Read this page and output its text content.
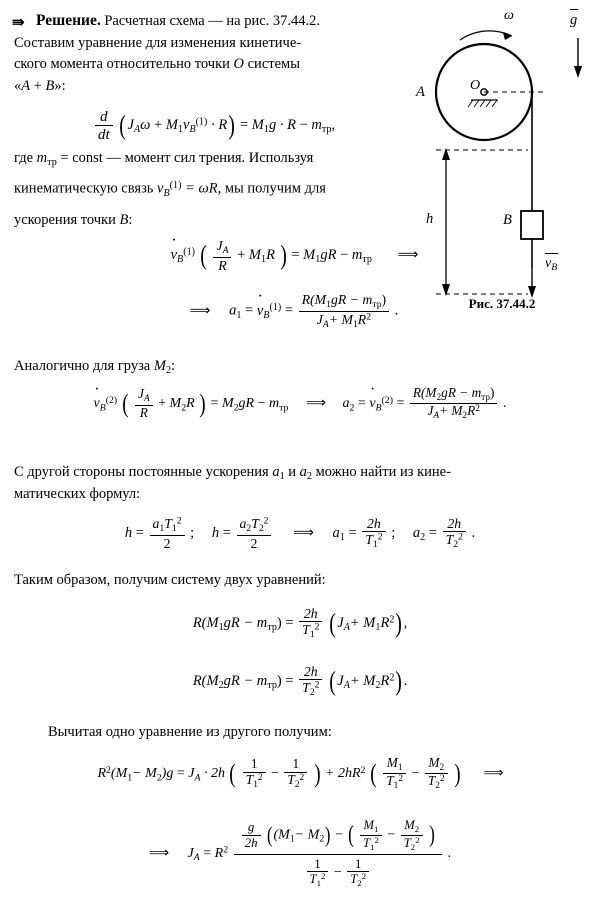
⇛ Решение. Расчетная схема — на рис. 37.44.2.
Составим уравнение для изменения кинетиче-
ского момента относительно точки O системы
«A + B»:
ω	g
A	O
B
h
$v_B$
Рис. 37.44.2
$\frac{d}{dt} (J_A\omega + M_1v_B^{(1)} \cdot R) = M_1g \cdot R - m_{тр}$,
где $m_{тр}$ = const — момент сил трения. Используя
кинематическую связь $v_B^{(1)} = \omega R$, мы получим для
ускорения точки B:
$v \cdot_B^{(1)}$ ( $\frac{J_A}{R} + M_1R$ ) = $M_1gR - m_{тр}$ ⟹
⟹ $a_1 = v \cdot_B^{(1)} = \frac{R(M_1gR - m_{тр})}{J_A+ M_1R^2}$ .
Аналогично для груза $M_2$:
$v \cdot_B^{(2)}$ ( $\frac{J_A}{R} + M_2R$ ) = $M_2gR - m_{тр}$ ⟹ $a_2 = v \cdot_B^{(2)} = \frac{R(M_2gR - m_{тр})}{J_A+ M_2R^2}$ .
С другой стороны постоянные ускорения $a_1$ и $a_2$ можно найти из кине-
матических формул:
$h = \frac{a_1T_1^2}{2}$ ; $h = \frac{a_2T_2^2}{2}$ ⟹ $a_1 = \frac{2h}{T_1^2}$ ; $a_2 = \frac{2h}{T_2^2}$ .
Таким образом, получим систему двух уравнений:
$R(M_1gR - m_{тр}) = \frac{2h}{T_1^2} (J_A+ M_1R^2)$,
$R(M_2gR - m_{тр}) = \frac{2h}{T_2^2} (J_A+ M_2R^2)$.
Вычитая одно уравнение из другого получим:
$R^2(M_1- M_2)g = J_A \cdot 2h$ ( $\frac{1}{T_1^2} - \frac{1}{T_2^2}$ ) + $2hR^2$ ( $\frac{M_1}{T_1^2} - \frac{M_2}{T_2^2}$ ) ⟹
⟹ $J_A = R^2 \frac{g}{2h} ((M_1- M_2)$ − ( $\frac{M_1}{T_1^2} - \frac{M_2}{T_2^2}$ )
$\frac{1}{T_1^2} - \frac{1}{T_2^2}$
.
